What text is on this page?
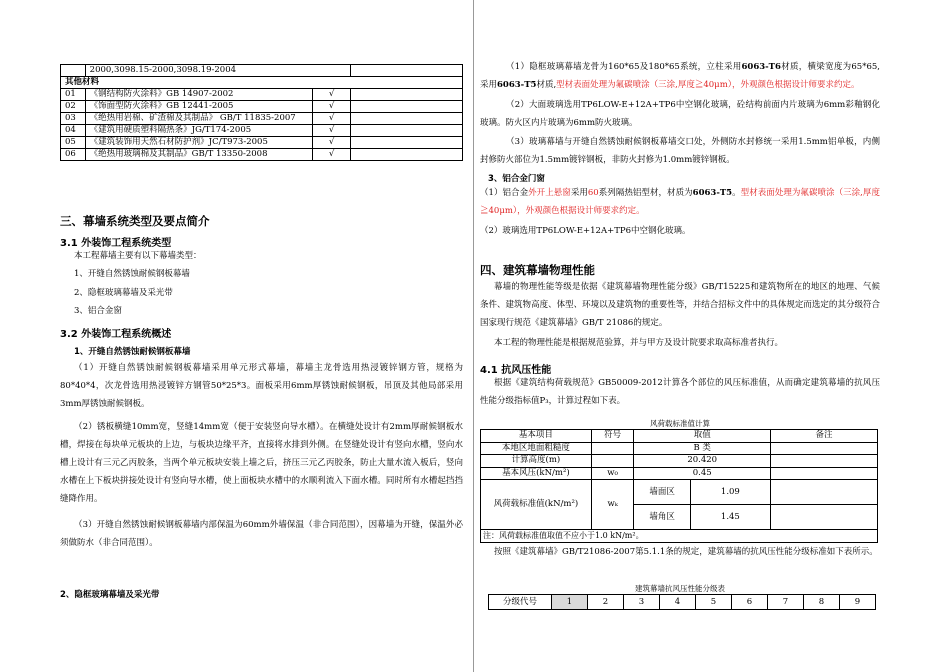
	2000,3098.15-2000,3098.19-2004		
其他材料			
01	《钢结构防火涂料》GB 14907-2002	√	
02	《饰面型防火涂料》GB 12441-2005	√	
03	《绝热用岩棉、矿渣棉及其制品》 GB/T 11835-2007	√	
04	《建筑用硬质塑料隔热条》JG/T174-2005	√	
05	《建筑装饰用天然石材防护剂》JC/T973-2005	√	
06	《绝热用玻璃棉及其制品》GB/T 13350-2008	√	
三、幕墙系统类型及要点简介
3.1 外装饰工程系统类型

本工程幕墙主要有以下幕墙类型：

1、开缝自然锈蚀耐候钢板幕墙

2、隐框玻璃幕墙及采光带

3、铝合金窗

3.2 外装饰工程系统概述
1、开缝自然锈蚀耐候钢板幕墙

（1）开缝自然锈蚀耐候钢板幕墙采用单元形式幕墙，幕墙主龙骨选用热浸镀锌钢方管，规格为80*40*4，次龙骨选用热浸镀锌方钢管50*25*3。面板采用6mm厚锈蚀耐候钢板，吊顶及其他局部采用3mm厚锈蚀耐候钢板。

（2）锈板横缝10mm宽，竖缝14mm宽（便于安装竖向导水槽）。在横缝处设计有2mm厚耐候钢板水槽，焊接在每块单元板块的上边，与板块边缘平齐，直接将水排到外侧。在竖缝处设计有竖向水槽，竖向水槽上设计有三元乙丙胶条，当两个单元板块安装上墙之后，挤压三元乙丙胶条，防止大量水流入板后，竖向水槽在上下板块拼接处设计有竖向导水槽，使上面板块水槽中的水顺利流入下面水槽。同时所有水槽起挡挡缝降作用。

（3）开缝自然锈蚀耐候钢板幕墙内部保温为60mm外墙保温（非合同范围），因幕墙为开缝，保温外必须做防水（非合同范围）。

2、隐框玻璃幕墙及采光带

（1）隐框玻璃幕墙龙骨为160*65及180*65系统，立柱采用6063-T6材质，横梁宽度为65*65,采用6063-T5材质,型材表面处理为氟碳喷涂（三涂,厚度≧40μm），外观颜色根据设计师要求约定。

（2）大面玻璃选用TP6LOW-E+12A+TP6中空钢化玻璃，砼结构前面内片玻璃为6mm彩釉钢化玻璃。防火区内片玻璃为6mm防火玻璃。

（3）玻璃幕墙与开缝自然锈蚀耐候钢板幕墙交口处，外侧防水封修统一采用1.5mm铝单板，内侧封修防火部位为1.5mm镀锌钢板，非防火封修为1.0mm镀锌钢板。

3、铝合金门窗

（1）铝合金外开上悬窗采用60系列隔热铝型材，材质为6063-T5。型材表面处理为氟碳喷涂（三涂,厚度≧40μm），外观颜色根据设计师要求约定。

（2）玻璃选用TP6LOW-E+12A+TP6中空钢化玻璃。

四、建筑幕墙物理性能

幕墙的物理性能等级是依据《建筑幕墙物理性能分级》GB/T15225和建筑物所在的地区的地理、气候条件、建筑物高度、体型、环境以及建筑物的重要性等，并结合招标文件中的具体规定而选定的其分级符合国家现行规范《建筑幕墙》GB/T 21086的规定。

本工程的物理性能是根据规范验算，并与甲方及设计院要求取高标准者执行。

4.1 抗风压性能

根据《建筑结构荷载规范》GB50009-2012计算各个部位的风压标准值，从而确定建筑幕墙的抗风压性能分级指标值P₃，计算过程如下表。

风荷载标准值计算
基本项目	符号	取值		备注
本地区地面粗糙度		B 类		
计算高度(m)		20.420		
基本风压(kN/m²)	w₀	0.45		
风荷载标准值(kN/m²)	wₖ	墙面区	1.09	
		墙角区	1.45	
注：风荷载标准值取值不应小于1.0 kN/m²。				

按照《建筑幕墙》GB/T21086-2007第5.1.1条的规定，建筑幕墙的抗风压性能分级标准如下表所示。

建筑幕墙抗风压性能分级表
分级代号	1	2	3	4	5	6	7	8	9
